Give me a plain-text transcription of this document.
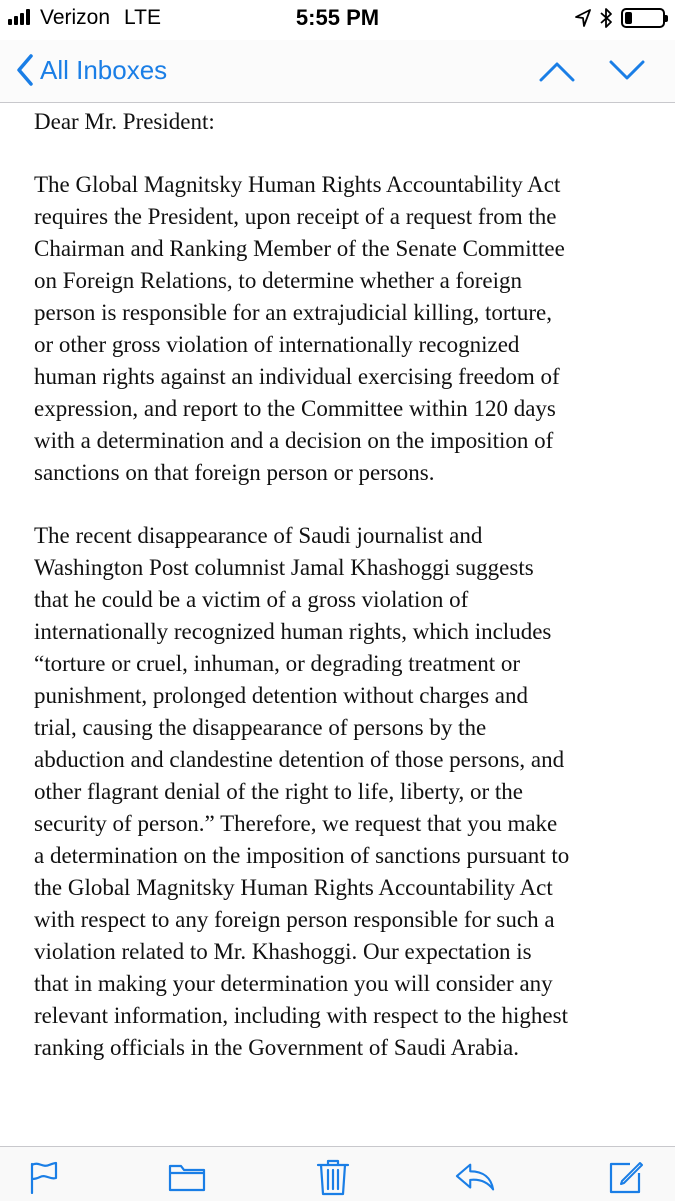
Verizon LTE	5:55 PM
All Inboxes

Dear Mr. President:

The Global Magnitsky Human Rights Accountability Act
requires the President, upon receipt of a request from the
Chairman and Ranking Member of the Senate Committee
on Foreign Relations, to determine whether a foreign
person is responsible for an extrajudicial killing, torture,
or other gross violation of internationally recognized
human rights against an individual exercising freedom of
expression, and report to the Committee within 120 days
with a determination and a decision on the imposition of
sanctions on that foreign person or persons.

The recent disappearance of Saudi journalist and
Washington Post columnist Jamal Khashoggi suggests
that he could be a victim of a gross violation of
internationally recognized human rights, which includes
“torture or cruel, inhuman, or degrading treatment or
punishment, prolonged detention without charges and
trial, causing the disappearance of persons by the
abduction and clandestine detention of those persons, and
other flagrant denial of the right to life, liberty, or the
security of person.” Therefore, we request that you make
a determination on the imposition of sanctions pursuant to
the Global Magnitsky Human Rights Accountability Act
with respect to any foreign person responsible for such a
violation related to Mr. Khashoggi. Our expectation is
that in making your determination you will consider any
relevant information, including with respect to the highest
ranking officials in the Government of Saudi Arabia.
